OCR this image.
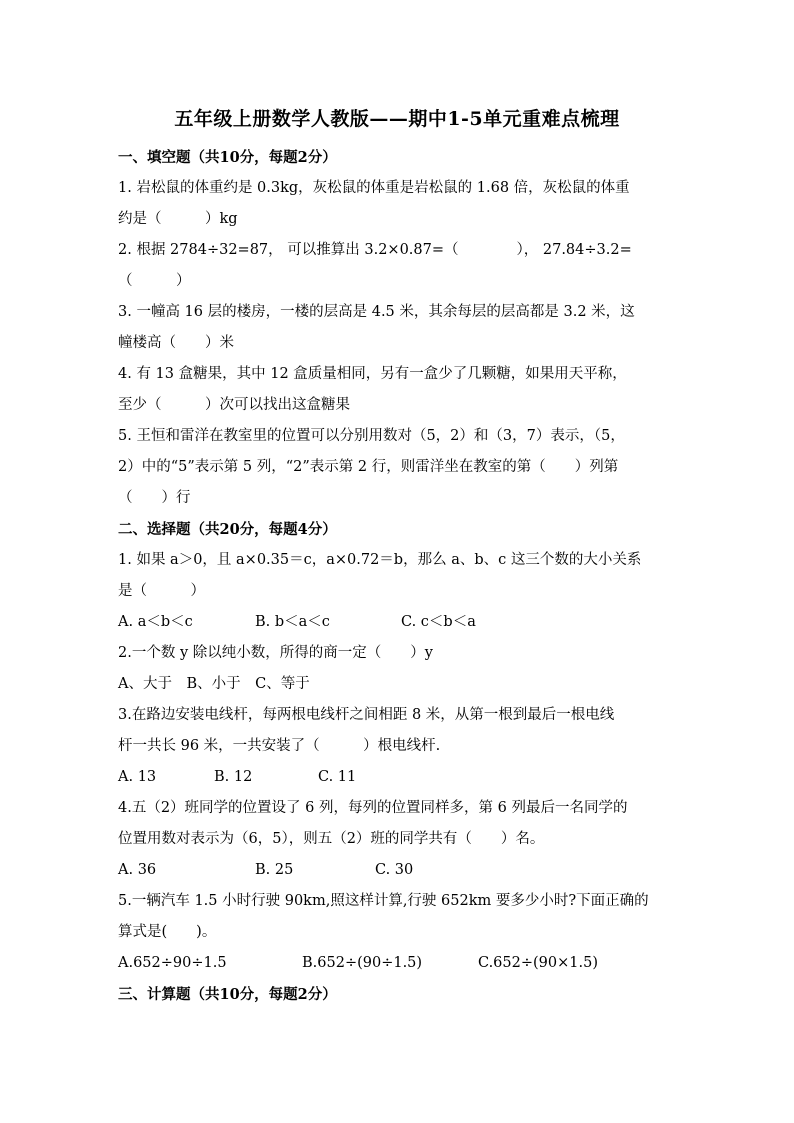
五年级上册数学人教版——期中1-5单元重难点梳理
一、填空题（共10分，每题2分）
1. 岩松鼠的体重约是 0.3kg，灰松鼠的体重是岩松鼠的 1.68 倍，灰松鼠的体重
约是（　　　）kg
2. 根据 2784÷32=87， 可以推算出 3.2×0.87=（　　　　）， 27.84÷3.2=
（　　　）
3. 一幢高 16 层的楼房，一楼的层高是 4.5 米，其余每层的层高都是 3.2 米，这
幢楼高（　　）米
4. 有 13 盒糖果，其中 12 盒质量相同，另有一盒少了几颗糖，如果用天平称，
至少（　　　）次可以找出这盒糖果
5. 王恒和雷洋在教室里的位置可以分别用数对（5，2）和（3，7）表示，（5，
2）中的“5”表示第 5 列，“2”表示第 2 行，则雷洋坐在教室的第（　　）列第
（　　）行
二、选择题（共20分，每题4分）
1. 如果 a＞0，且 a×0.35＝c，a×0.72＝b，那么 a、b、c 这三个数的大小关系
是（　　　）
A. a＜b＜c	B. b＜a＜c	C. c＜b＜a
2.一个数 y 除以纯小数，所得的商一定（　　）y
A、大于　B、小于　C、等于
3.在路边安装电线杆，每两根电线杆之间相距 8 米，从第一根到最后一根电线
杆一共长 96 米，一共安装了（　　　）根电线杆.
A. 13	B. 12	C. 11
4.五（2）班同学的位置设了 6 列，每列的位置同样多，第 6 列最后一名同学的
位置用数对表示为（6，5），则五（2）班的同学共有（　　）名。
A. 36	B. 25	C. 30
5.一辆汽车 1.5 小时行驶 90km,照这样计算,行驶 652km 要多少小时?下面正确的
算式是(　　)。
A.652÷90÷1.5	B.652÷(90÷1.5)	C.652÷(90×1.5)
三、计算题（共10分，每题2分）
